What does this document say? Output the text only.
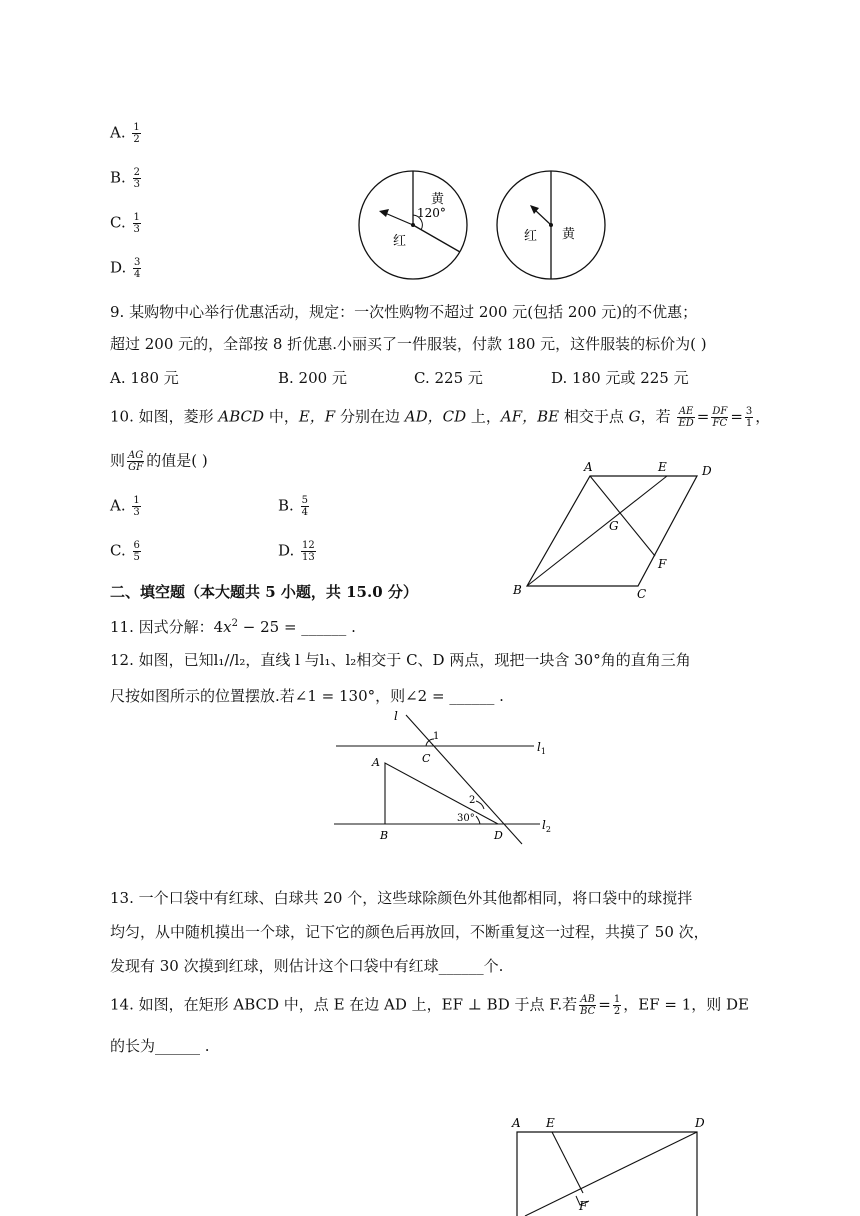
A. $\frac{1}{2}$
B. $\frac{2}{3}$
C. $\frac{1}{3}$
D. $\frac{3}{4}$
黄
120°
红	红 黄
9. 某购物中心举行优惠活动，规定：一次性购物不超过 200 元(包括 200 元)的不优惠；
超过 200 元的，全部按 8 折优惠.小丽买了一件服装，付款 180 元，这件服装的标价为( )
A. 180 元	B. 200 元	C. 225 元	D. 180 元或 225 元
10. 如图，菱形 ABCD 中，E，F 分别在边 AD，CD 上，AF，BE 相交于点 G，若 $\frac{AE}{ED} = \frac{DF}{FC} = \frac{3}{1}$ ，
则 $\frac{AG}{GF}$ 的值是( )
A. $\frac{1}{3}$	B. $\frac{5}{4}$
C. $\frac{6}{5}$	D. $\frac{12}{13}$
A	E	D
G
F
B	C
二、填空题（本大题共 5 小题，共 15.0 分）
11. 因式分解：$4x^2 - 25$ = ______ .
12. 如图，已知l₁//l₂，直线 l 与l₁、l₂相交于 C、D 两点，现把一块含 30°角的直角三角
尺按如图所示的位置摆放.若∠1 = 130°，则∠2 = ______ .
l
1
C
$l_1$
A
2
30°	$l_2$
B	D
13. 一个口袋中有红球、白球共 20 个，这些球除颜色外其他都相同，将口袋中的球搅拌
均匀，从中随机摸出一个球，记下它的颜色后再放回，不断重复这一过程，共摸了 50 次，
发现有 30 次摸到红球，则估计这个口袋中有红球______个.
14. 如图，在矩形 ABCD 中，点 E 在边 AD 上，EF ⊥ BD 于点 F.若 $\frac{AB}{BC} = \frac{1}{2}$ ，EF = 1，则 DE
的长为______ .
A E	D
F
